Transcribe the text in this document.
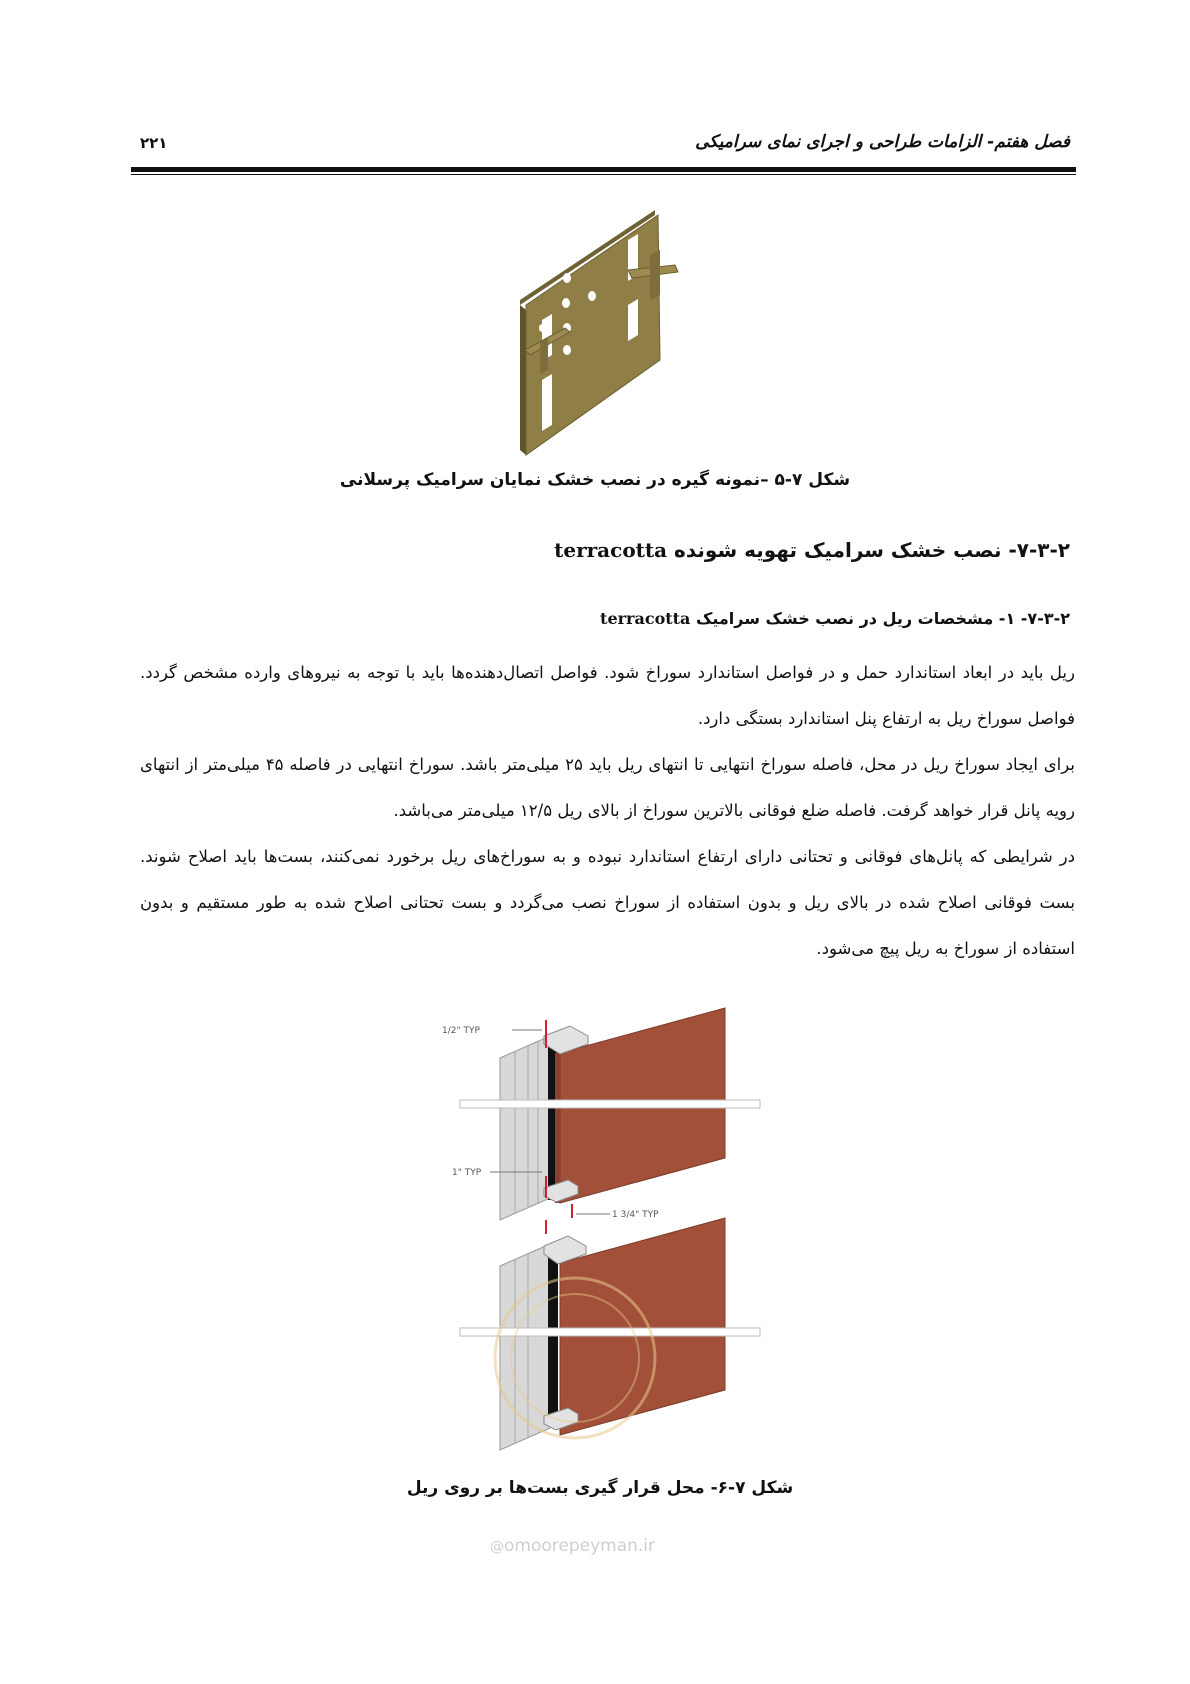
۲۲۱	فصل هفتم- الزامات طراحی و اجرای نمای سرامیکی
شکل ۷-۵ –نمونه گیره در نصب خشک نمایان سرامیک پرسلانی
۷-۳-۲- نصب خشک سرامیک تهویه شونده terracotta
۷-۳-۲- ۱- مشخصات ریل در نصب خشک سرامیک terracotta

ریل باید در ابعاد استاندارد حمل و در فواصل استاندارد سوراخ شود. فواصل اتصال‌دهنده‌ها باید با توجه به نیروهای وارده مشخص گردد. فواصل سوراخ ریل به ارتفاع پنل استاندارد بستگی دارد.

برای ایجاد سوراخ ریل در محل، فاصله سوراخ انتهایی تا انتهای ریل باید ۲۵ میلی‌متر باشد. سوراخ انتهایی در فاصله ۴۵ میلی‌متر از انتهای رویه پانل قرار خواهد گرفت. فاصله ضلع فوقانی بالاترین سوراخ از بالای ریل ۱۲/۵ میلی‌متر می‌باشد.

در شرایطی که پانل‌های فوقانی و تحتانی دارای ارتفاع استاندارد نبوده و به سوراخ‌های ریل برخورد نمی‌کنند، بست‌ها باید اصلاح شوند. بست فوقانی اصلاح شده در بالای ریل و بدون استفاده از سوراخ نصب می‌گردد و بست تحتانی اصلاح شده به طور مستقیم و بدون استفاده از سوراخ به ریل پیچ می‌شود.

1/2" TYP
1" TYP
1 3/4" TYP
شکل ۷-۶- محل قرار گیری بست‌ها بر روی ریل
@omoorepeyman.ir
